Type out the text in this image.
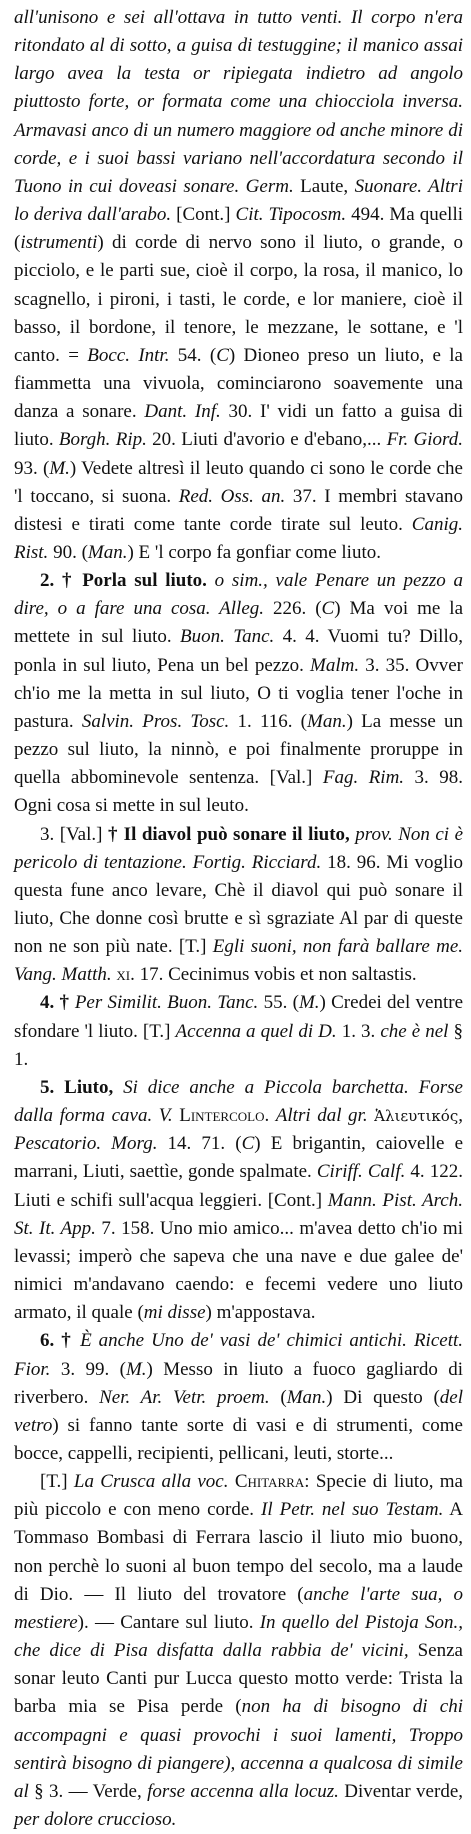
all'unisono e sei all'ottava in tutto venti. Il corpo n'era ritondato al di sotto, a guisa di testuggine; il manico assai largo avea la testa or ripiegata indietro ad angolo piuttosto forte, or formata come una chiocciola inversa. Armavasi anco di un numero maggiore od anche minore di corde, e i suoi bassi variano nell'accordatura secondo il Tuono in cui doveasi sonare. Germ. Laute, Suonare. Altri lo deriva dall'arabo. [Cont.] Cit. Tipocosm. 494. Ma quelli (istrumenti) di corde di nervo sono il liuto, o grande, o picciolo, e le parti sue, cioè il corpo, la rosa, il manico, lo scagnello, i pironi, i tasti, le corde, e lor maniere, cioè il basso, il bordone, il tenore, le mezzane, le sottane, e 'l canto. = Bocc. Intr. 54. (C) Dioneo preso un liuto, e la fiammetta una vivuola, cominciarono soavemente una danza a sonare. Dant. Inf. 30. I' vidi un fatto a guisa di liuto. Borgh. Rip. 20. Liuti d'avorio e d'ebano,... Fr. Giord. 93. (M.) Vedete altresì il leuto quando ci sono le corde che 'l toccano, si suona. Red. Oss. an. 37. I membri stavano distesi e tirati come tante corde tirate sul leuto. Canig. Rist. 90. (Man.) E 'l corpo fa gonfiar come liuto.

2. † Porla sul liuto. o sim., vale Penare un pezzo a dire, o a fare una cosa. Alleg. 226. (C) Ma voi me la mettete in sul liuto. Buon. Tanc. 4. 4. Vuomi tu? Dillo, ponla in sul liuto, Pena un bel pezzo. Malm. 3. 35. Ovver ch'io me la metta in sul liuto, O ti voglia tener l'oche in pastura. Salvin. Pros. Tosc. 1. 116. (Man.) La messe un pezzo sul liuto, la ninnò, e poi finalmente proruppe in quella abbominevole sentenza. [Val.] Fag. Rim. 3. 98. Ogni cosa si mette in sul leuto.

3. [Val.] † Il diavol può sonare il liuto, prov. Non ci è pericolo di tentazione. Fortig. Ricciard. 18. 96. Mi voglio questa fune anco levare, Chè il diavol qui può sonare il liuto, Che donne così brutte e sì sgraziate Al par di queste non ne son più nate. [T.] Egli suoni, non farà ballare me. Vang. Matth. xi. 17. Cecinimus vobis et non saltastis.

4. † Per Similit. Buon. Tanc. 55. (M.) Credei del ventre sfondare 'l liuto. [T.] Accenna a quel di D. 1. 3. che è nel § 1.

5. Liuto, Si dice anche a Piccola barchetta. Forse dalla forma cava. V. Lintercolo. Altri dal gr. Ἁλιευτικός, Pescatorio. Morg. 14. 71. (C) E brigantin, caiovelle e marrani, Liuti, saettìe, gonde spalmate. Ciriff. Calf. 4. 122. Liuti e schifi sull'acqua leggieri. [Cont.] Mann. Pist. Arch. St. It. App. 7. 158. Uno mio amico... m'avea detto ch'io mi levassi; imperò che sapeva che una nave e due galee de' nimici m'andavano caendo: e fecemi vedere uno liuto armato, il quale (mi disse) m'appostava.

6. † È anche Uno de' vasi de' chimici antichi. Ricett. Fior. 3. 99. (M.) Messo in liuto a fuoco gagliardo di riverbero. Ner. Ar. Vetr. proem. (Man.) Di questo (del vetro) si fanno tante sorte di vasi e di strumenti, come bocce, cappelli, recipienti, pellicani, leuti, storte...

[T.] La Crusca alla voc. Chitarra: Specie di liuto, ma più piccolo e con meno corde. Il Petr. nel suo Testam. A Tommaso Bombasi di Ferrara lascio il liuto mio buono, non perchè lo suoni al buon tempo del secolo, ma a laude di Dio. — Il liuto del trovatore (anche l'arte sua, o mestiere). — Cantare sul liuto. In quello del Pistoja Son., che dice di Pisa disfatta dalla rabbia de' vicini, Senza sonar leuto Canti pur Lucca questo motto verde: Trista la barba mia se Pisa perde (non ha di bisogno di chi accompagni e quasi provochi i suoi lamenti, Troppo sentirà bisogno di piangere), accenna a qualcosa di simile al § 3. — Verde, forse accenna alla locuz. Diventar verde, per dolore cruccioso.
